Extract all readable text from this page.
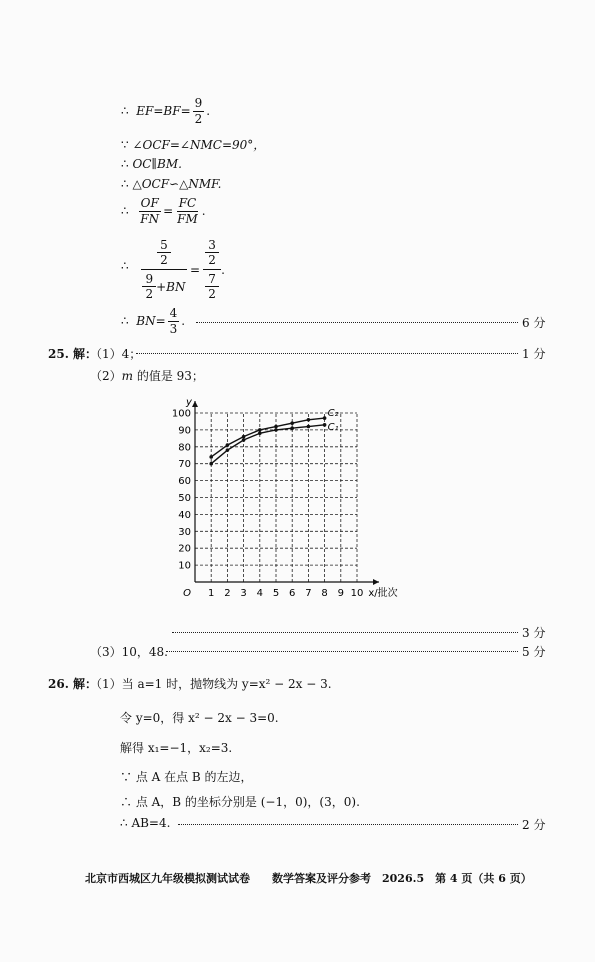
∴ $EF=BF= \frac{9}{2}$ .
∵ ∠OCF=∠NMC=90°，
∴ OC∥BM.
∴ △OCF∽△NMF.
∴ $\frac{OF}{FN} = \frac{FC}{FM}$ .
∴
5
2
9
2
+BN
=
3
2
7
2
.
∴ $BN= \frac{4}{3}$ .	6 分
25. 解：
（1）4；	1 分
（2）m 的值是 93；
1 2 3 4 5 6 7 8 9 10
10
20
30
40
50
60
70
80
90
100
O
y
x/批次
C₂
C₁
3 分
（3）10，48.	5 分
26. 解：
（1）当 a=1 时，抛物线为 y=x² − 2x − 3.
令 y=0，得 x² − 2x − 3=0.
解得 x₁=−1，x₂=3.
∵ 点 A 在点 B 的左边，
∴ 点 A，B 的坐标分别是 (−1，0)，(3，0).
∴ AB=4.	2 分
北京市西城区九年级模拟测试试卷　　数学答案及评分参考　2026.5　第 4 页（共 6 页）
